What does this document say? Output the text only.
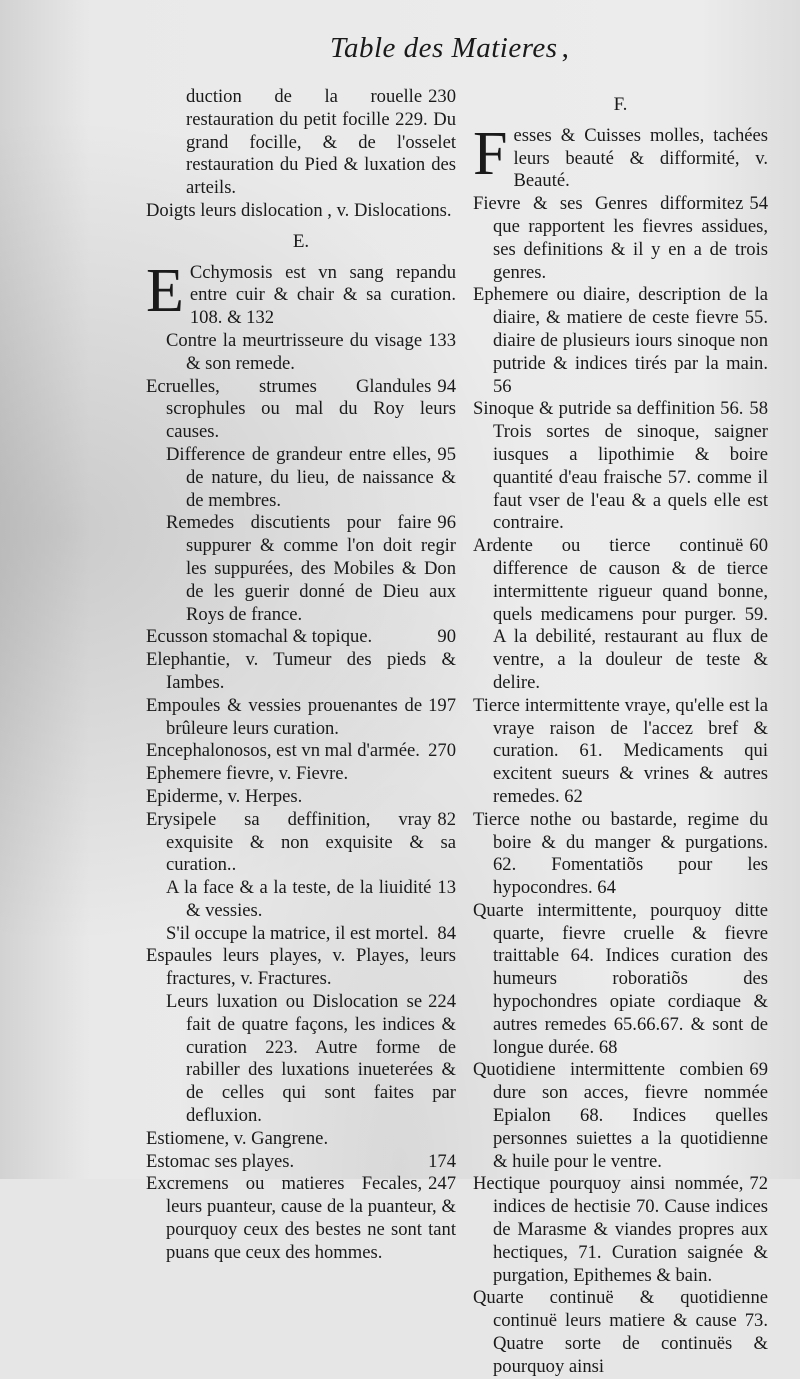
Table des Matieres ,

230
duction de la rouelle restauration du petit focille 229. Du grand focille, & de l'osselet restauration du Pied & luxation des arteils.

Doigts leurs dislocation , v. Dislocations.

E.

E Cchymosis est vn sang repandu entre cuir & chair & sa curation. 108. & 132

133
Contre la meurtrisseure du visage & son remede.

94
Ecruelles, strumes Glandules scrophules ou mal du Roy leurs causes.

95
Difference de grandeur entre elles, de nature, du lieu, de naissance & de membres.

96
Remedes discutients pour faire suppurer & comme l'on doit regir les suppurées, des Mobiles & Don de les guerir donné de Dieu aux Roys de france.

90
Ecusson stomachal & topique.

Elephantie, v. Tumeur des pieds & Iambes.

197
Empoules & vessies prouenantes de brûleure leurs curation.

270
Encephalonosos, est vn mal d'armée.

Ephemere fievre, v. Fievre.

Epiderme, v. Herpes.

82
Erysipele sa deffinition, vray exquisite & non exquisite & sa curation..

13
A la face & a la teste, de la liuidité & vessies.

84
S'il occupe la matrice, il est mortel.

Espaules leurs playes, v. Playes, leurs fractures, v. Fractures.

224
Leurs luxation ou Dislocation se fait de quatre façons, les indices & curation 223. Autre forme de rabiller des luxations inueterées & de celles qui sont faites par defluxion.

Estiomene, v. Gangrene.

174
Estomac ses playes.

247
Excremens ou matieres Fecales, leurs puanteur, cause de la puanteur, & pourquoy ceux des bestes ne sont tant puans que ceux des hommes.

F.

F esses & Cuisses molles, tachées leurs beauté & difformité, v. Beauté.

54
Fievre & ses Genres difformitez que rapportent les fievres assidues, ses definitions & il y en a de trois genres.

Ephemere ou diaire, description de la diaire, & matiere de ceste fievre 55. diaire de plusieurs iours sinoque non putride & indices tirés par la main. 56

58
Sinoque & putride sa deffinition 56. Trois sortes de sinoque, saigner iusques a lipothimie & boire quantité d'eau fraische 57. comme il faut vser de l'eau & a quels elle est contraire.

60
Ardente ou tierce continuë difference de causon & de tierce intermittente rigueur quand bonne, quels medicamens pour purger. 59. A la debilité, restaurant au flux de ventre, a la douleur de teste & delire.

Tierce intermittente vraye, qu'elle est la vraye raison de l'accez bref & curation. 61. Medicaments qui excitent sueurs & vrines & autres remedes. 62

Tierce nothe ou bastarde, regime du boire & du manger & purgations. 62. Fomentatiõs pour les hypocondres. 64

Quarte intermittente, pourquoy ditte quarte, fievre cruelle & fievre traittable 64. Indices curation des humeurs roboratiõs des hypochondres opiate cordiaque & autres remedes 65.66.67. & sont de longue durée. 68

69
Quotidiene intermittente combien dure son acces, fievre nommée Epialon 68. Indices quelles personnes suiettes a la quotidienne & huile pour le ventre.

72
Hectique pourquoy ainsi nommée, indices de hectisie 70. Cause indices de Marasme & viandes propres aux hectiques, 71. Curation saignée & purgation, Epithemes & bain.

Quarte continuë & quotidienne continuë leurs matiere & cause 73. Quatre sorte de continuës & pourquoy ainsi
